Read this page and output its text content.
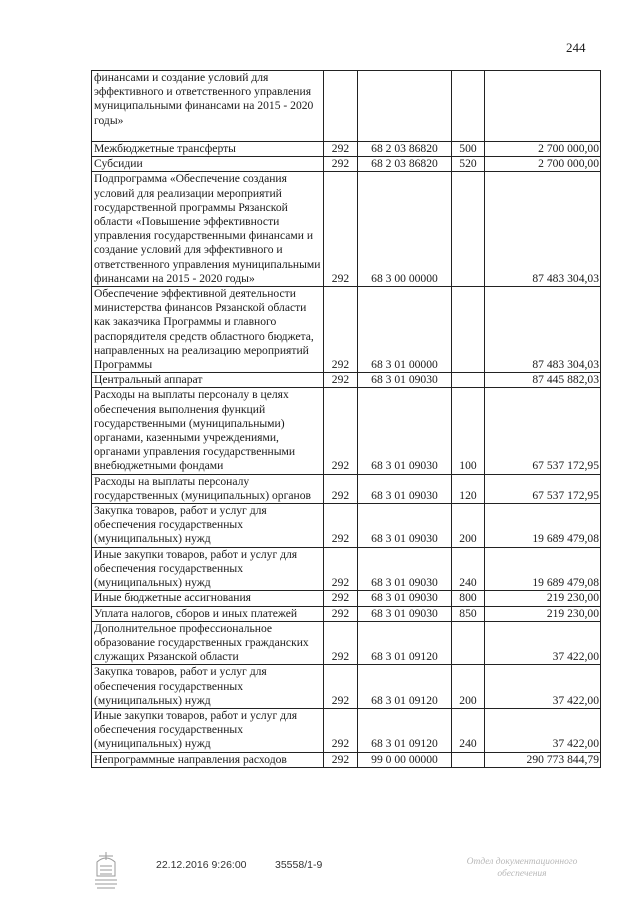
244
финансами и создание условий для эффективного и ответственного управления муниципальными финансами на 2015 - 2020 годы»				
Межбюджетные трансферты	292	68 2 03 86820	500	2 700 000,00
Субсидии	292	68 2 03 86820	520	2 700 000,00
Подпрограмма «Обеспечение создания условий для реализации мероприятий государственной программы Рязанской области «Повышение эффективности управления государственными финансами и создание условий для эффективного и ответственного управления муниципальными финансами на 2015 - 2020 годы»	292	68 3 00 00000		87 483 304,03
Обеспечение эффективной деятельности министерства финансов Рязанской области как заказчика Программы и главного распорядителя средств областного бюджета, направленных на реализацию мероприятий Программы	292	68 3 01 00000		87 483 304,03
Центральный аппарат	292	68 3 01 09030		87 445 882,03
Расходы на выплаты персоналу в целях обеспечения выполнения функций государственными (муниципальными) органами, казенными учреждениями, органами управления государственными внебюджетными фондами	292	68 3 01 09030	100	67 537 172,95
Расходы на выплаты персоналу государственных (муниципальных) органов	292	68 3 01 09030	120	67 537 172,95
Закупка товаров, работ и услуг для обеспечения государственных (муниципальных) нужд	292	68 3 01 09030	200	19 689 479,08
Иные закупки товаров, работ и услуг для обеспечения государственных (муниципальных) нужд	292	68 3 01 09030	240	19 689 479,08
Иные бюджетные ассигнования	292	68 3 01 09030	800	219 230,00
Уплата налогов, сборов и иных платежей	292	68 3 01 09030	850	219 230,00
Дополнительное профессиональное образование государственных гражданских служащих Рязанской области	292	68 3 01 09120		37 422,00
Закупка товаров, работ и услуг для обеспечения государственных (муниципальных) нужд	292	68 3 01 09120	200	37 422,00
Иные закупки товаров, работ и услуг для обеспечения государственных (муниципальных) нужд	292	68 3 01 09120	240	37 422,00
Непрограммные направления расходов	292	99 0 00 00000		290 773 844,79
22.12.2016 9:26:00	35558/1-9	Отдел документационного
обеспечения
